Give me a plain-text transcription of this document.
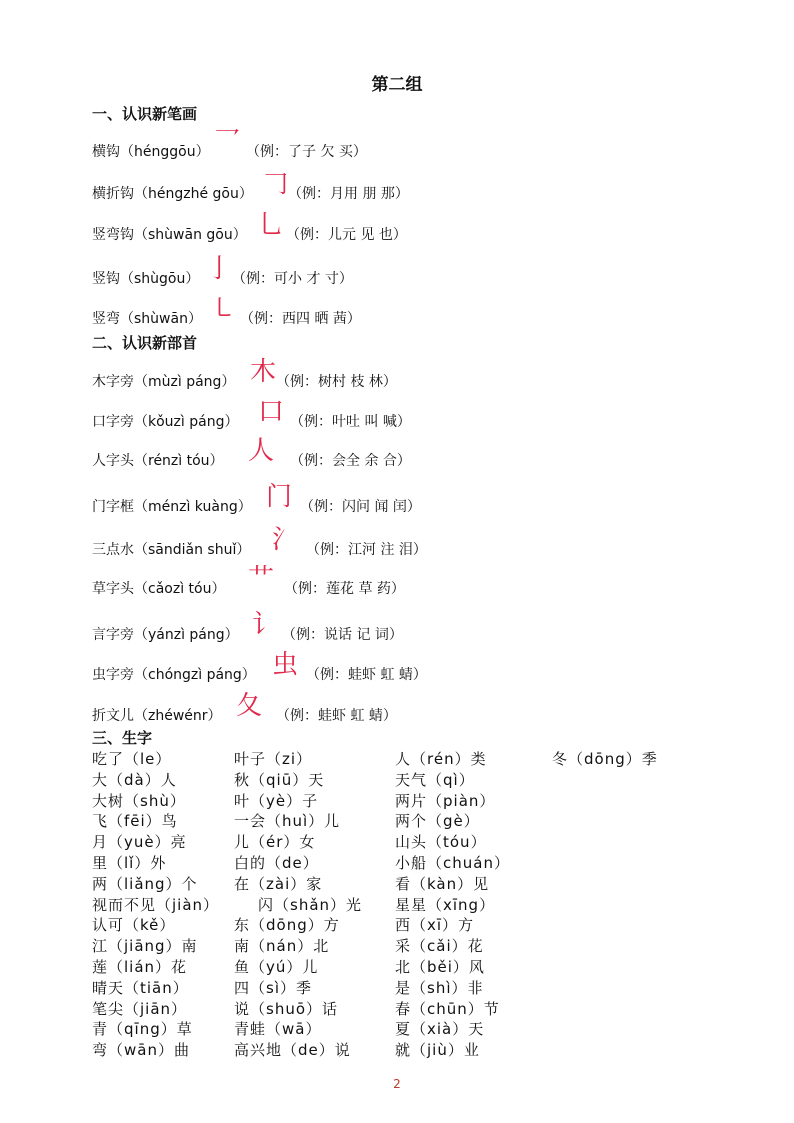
第二组
一、认识新笔画
横钩（hénggōu） 乛 （例：了子 欠 买）
横折钩（héngzhé gōu） 𠃌 （例：月用 朋 那）
竖弯钩（shùwān gōu） 乚 （例：儿元 见 也）
竖钩（shùgōu） 亅 （例：可小 才 寸）
竖弯（shùwān） ㇄ （例：西四 晒 茜）
二、认识新部首
木字旁（mùzì páng） 木 （例：树村 枝 林）
口字旁（kǒuzì páng） 口 （例：叶吐 叫 喊）
人字头（rénzì tóu） 人 （例：会全 余 合）
门字框（ménzì kuàng） 门 （例：闪问 闻 闰）
三点水（sāndiǎn shuǐ） 氵 （例：江河 注 泪）
草字头（cǎozì tóu） 艹 （例：莲花 草 药）
言字旁（yánzì páng） 讠 （例：说话 记 词）
虫字旁（chóngzì páng） 虫 （例：蛙虾 虹 蜻）
折文儿（zhéwénr） 夂 （例：蛙虾 虹 蜻）
三、生字
吃了（le）
大（dà）人
大树（shù）
飞（fēi）鸟
月（yuè）亮
里（lǐ）外
两（liǎng）个
视而不见（jiàn）
认可（kě）
江（jiāng）南
莲（lián）花
晴天（tiān）
笔尖（jiān）
青（qīng）草
弯（wān）曲
叶子（zi）
秋（qiū）天
叶（yè）子
一会（huì）儿
儿（ér）女
白的（de）
在（zài）家
闪（shǎn）光
东（dōng）方
南（nán）北
鱼（yú）儿
四（sì）季
说（shuō）话
青蛙（wā）
高兴地（de）说
人（rén）类
天气（qì）
两片（piàn）
两个（gè）
山头（tóu）
小船（chuán）
看（kàn）见
星星（xīng）
西（xī）方
采（cǎi）花
北（běi）风
是（shì）非
春（chūn）节
夏（xià）天
就（jiù）业
冬（dōng）季
2
